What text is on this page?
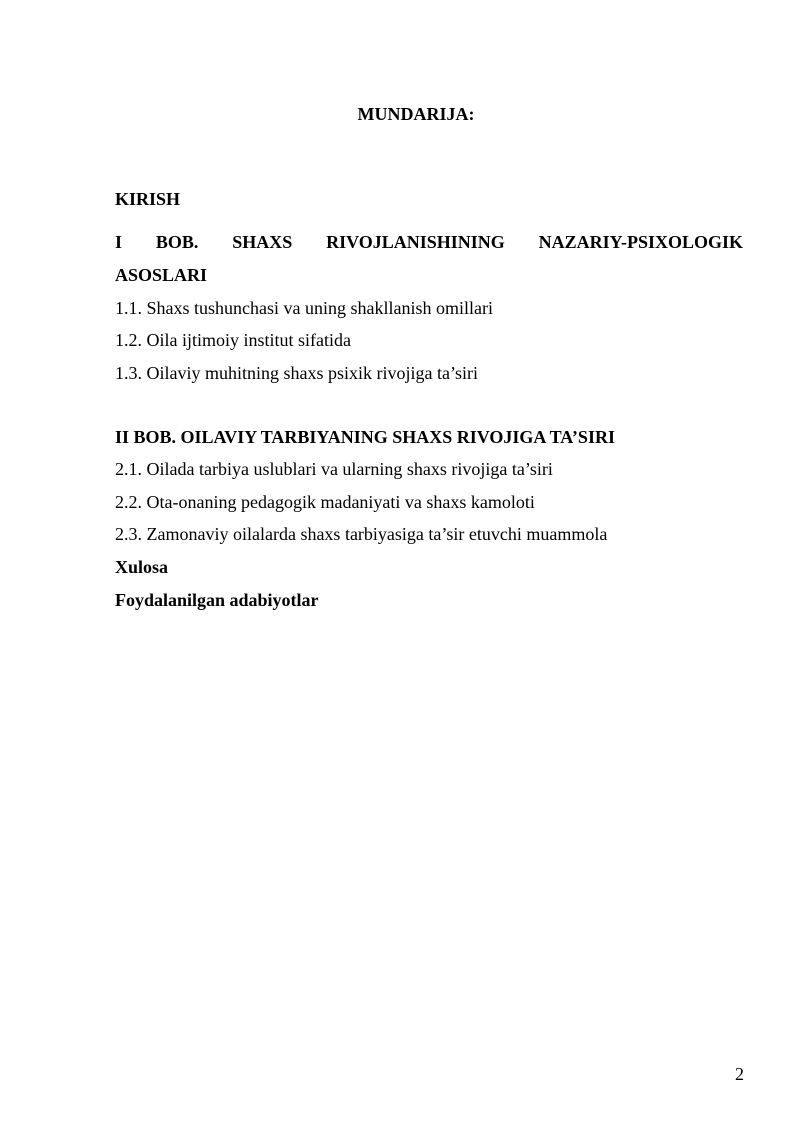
MUNDARIJA:
KIRISH
I BOB. SHAXS RIVOJLANISHINING NAZARIY-PSIXOLOGIK
ASOSLARI
1.1. Shaxs tushunchasi va uning shakllanish omillari
1.2. Oila ijtimoiy institut sifatida
1.3. Oilaviy muhitning shaxs psixik rivojiga ta’siri
II BOB. OILAVIY TARBIYANING SHAXS RIVOJIGA TA’SIRI
2.1. Oilada tarbiya uslublari va ularning shaxs rivojiga ta’siri
2.2. Ota-onaning pedagogik madaniyati va shaxs kamoloti
2.3. Zamonaviy oilalarda shaxs tarbiyasiga ta’sir etuvchi muammola
Xulosa
Foydalanilgan adabiyotlar
2
